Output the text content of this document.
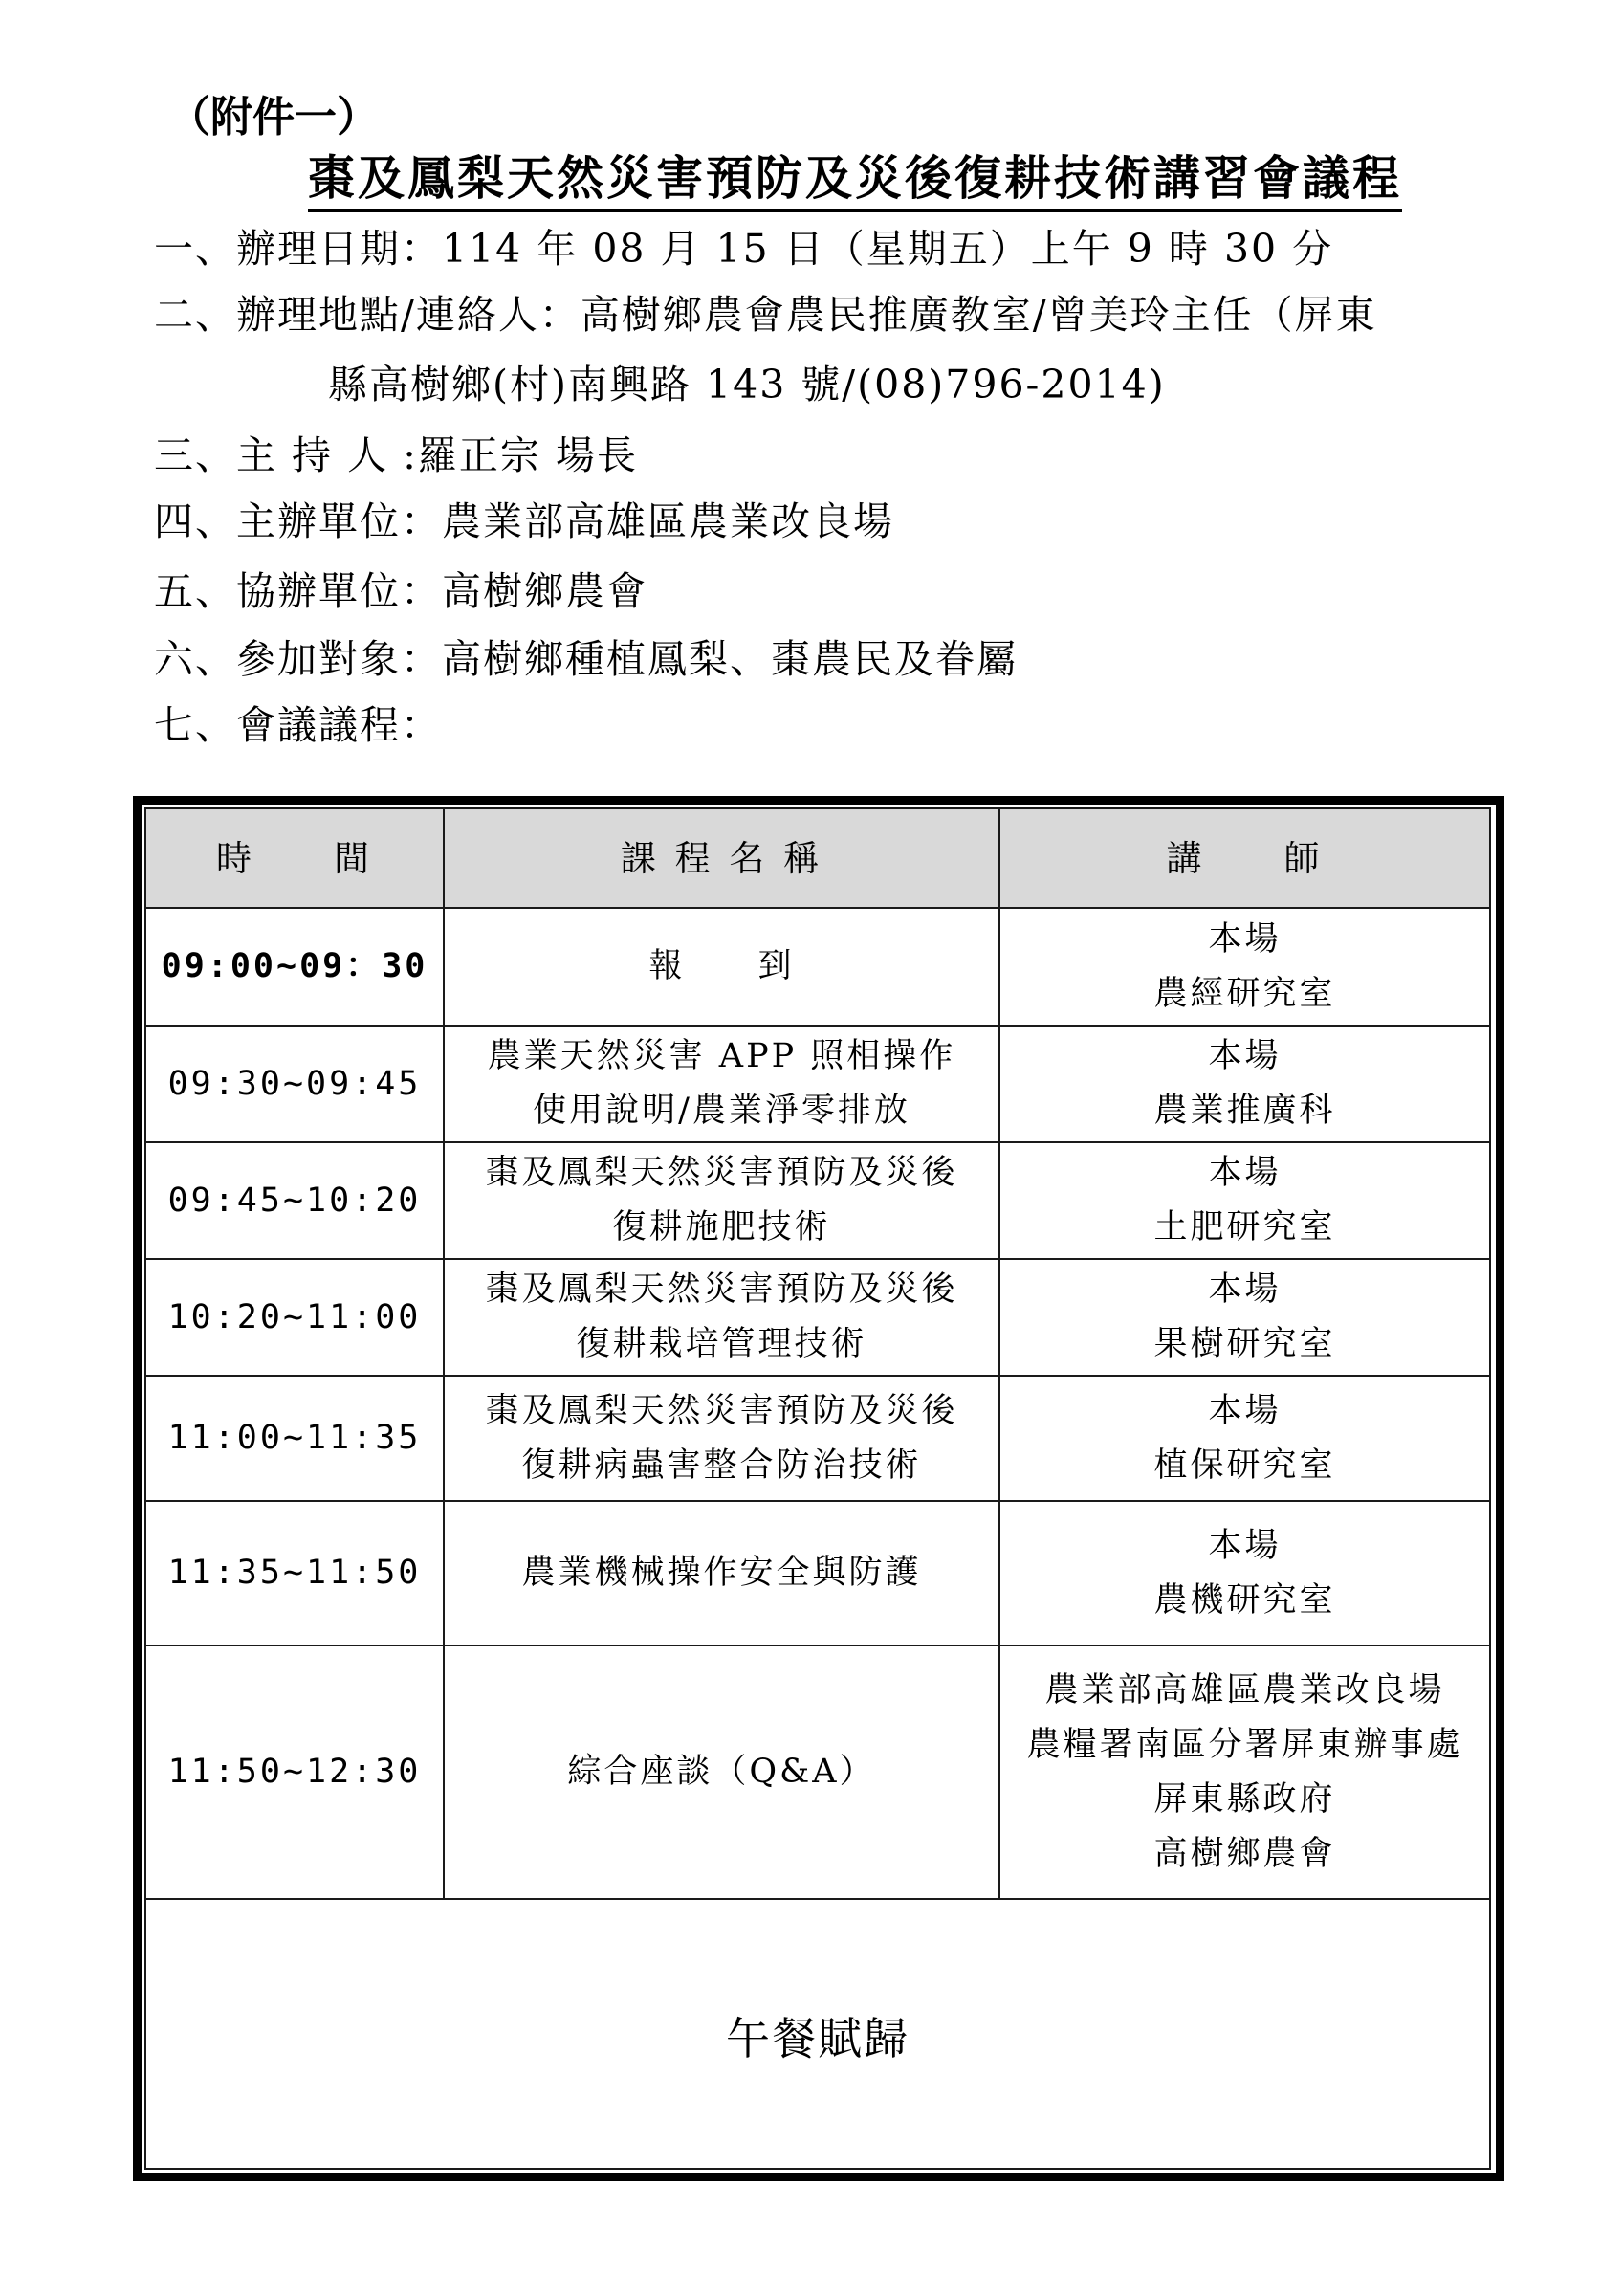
（附件一）
棗及鳳梨天然災害預防及災後復耕技術講習會議程
一、辦理日期：114 年 08 月 15 日（星期五）上午 9 時 30 分
二、辦理地點/連絡人：高樹鄉農會農民推廣教室/曾美玲主任（屏東
縣高樹鄉(村)南興路 143 號/(08)796-2014)
三、主 持 人 :羅正宗 場長
四、主辦單位：農業部高雄區農業改良場
五、協辦單位：高樹鄉農會
六、參加對象：高樹鄉種植鳳梨、棗農民及眷屬
七、會議議程：
時　　間	課 程 名 稱	講　　師
09:00~09：30	報　　到	本場
農經研究室

09:30~09:45	農業天然災害 APP 照相操作
使用說明/農業淨零排放	本場
農業推廣科

09:45~10:20	棗及鳳梨天然災害預防及災後
復耕施肥技術	本場
土肥研究室

10:20~11:00	棗及鳳梨天然災害預防及災後
復耕栽培管理技術	本場
果樹研究室

11:00~11:35	棗及鳳梨天然災害預防及災後
復耕病蟲害整合防治技術	本場
植保研究室

11:35~11:50	農業機械操作安全與防護	本場
農機研究室

11:50~12:30	綜合座談（Q&A）	農業部高雄區農業改良場
農糧署南區分署屏東辦事處
屏東縣政府
高樹鄉農會

午餐賦歸		
